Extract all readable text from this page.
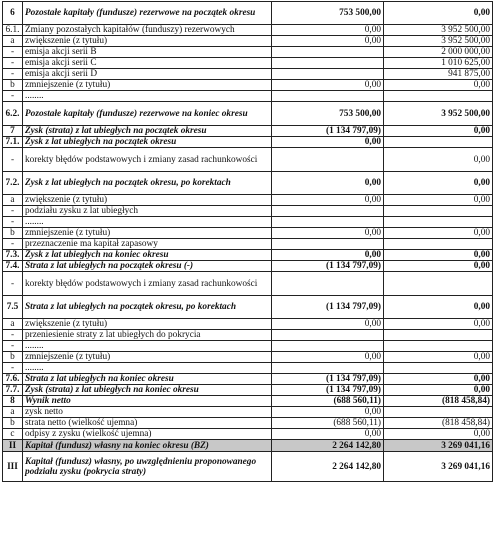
6	Pozostałe kapitały (fundusze) rezerwowe na początek okresu	753 500,00	0,00
6.1.	Zmiany pozostałych kapitałów (funduszy) rezerwowych	0,00	3 952 500,00
a	zwiększenie (z tytułu)	0,00	3 952 500,00
-	emisja akcji serii B		2 000 000,00
-	emisja akcji serii C		1 010 625,00
-	emisja akcji serii D		941 875,00
b	zmniejszenie (z tytułu)	0,00	0,00
-	........		
6.2.	Pozostałe kapitały (fundusze) rezerwowe na koniec okresu	753 500,00	3 952 500,00
7	Zysk (strata) z lat ubiegłych na początek okresu	(1 134 797,09)	0,00
7.1.	Zysk z lat ubiegłych na początek okresu	0,00	
-	korekty błędów podstawowych i zmiany zasad rachunkowości		0,00
7.2.	Zysk z lat ubiegłych na początek okresu, po korektach	0,00	0,00
a	zwiększenie (z tytułu)	0,00	0,00
-	podziału zysku z lat ubiegłych		
-	........		
b	zmniejszenie (z tytułu)	0,00	0,00
-	przeznaczenie ma kapitał zapasowy		
7.3.	Zysk z lat ubiegłych na koniec okresu	0,00	0,00
7.4.	Strata z lat ubiegłych na początek okresu (-)	(1 134 797,09)	0,00
-	korekty błędów podstawowych i zmiany zasad rachunkowości		
7.5	Strata z lat ubiegłych na początek okresu, po korektach	(1 134 797,09)	0,00
a	zwiększenie (z tytułu)	0,00	0,00
-	przeniesienie straty z lat ubiegłych do pokrycia		
-	........		
b	zmniejszenie (z tytułu)	0,00	0,00
-	........		
7.6.	Strata z lat ubiegłych na koniec okresu	(1 134 797,09)	0,00
7.7.	Zysk (strata) z lat ubiegłych na koniec okresu	(1 134 797,09)	0,00
8	Wynik netto	(688 560,11)	(818 458,84)
a	zysk netto	0,00	
b	strata netto (wielkość ujemna)	(688 560,11)	(818 458,84)
c	odpisy z zysku (wielkość ujemna)	0,00	0,00
II	Kapitał (fundusz) własny na koniec okresu (BZ)	2 264 142,80	3 269 041,16
III	Kapitał (fundusz) własny, po uwzględnieniu proponowanego podziału zysku (pokrycia straty)	2 264 142,80	3 269 041,16
